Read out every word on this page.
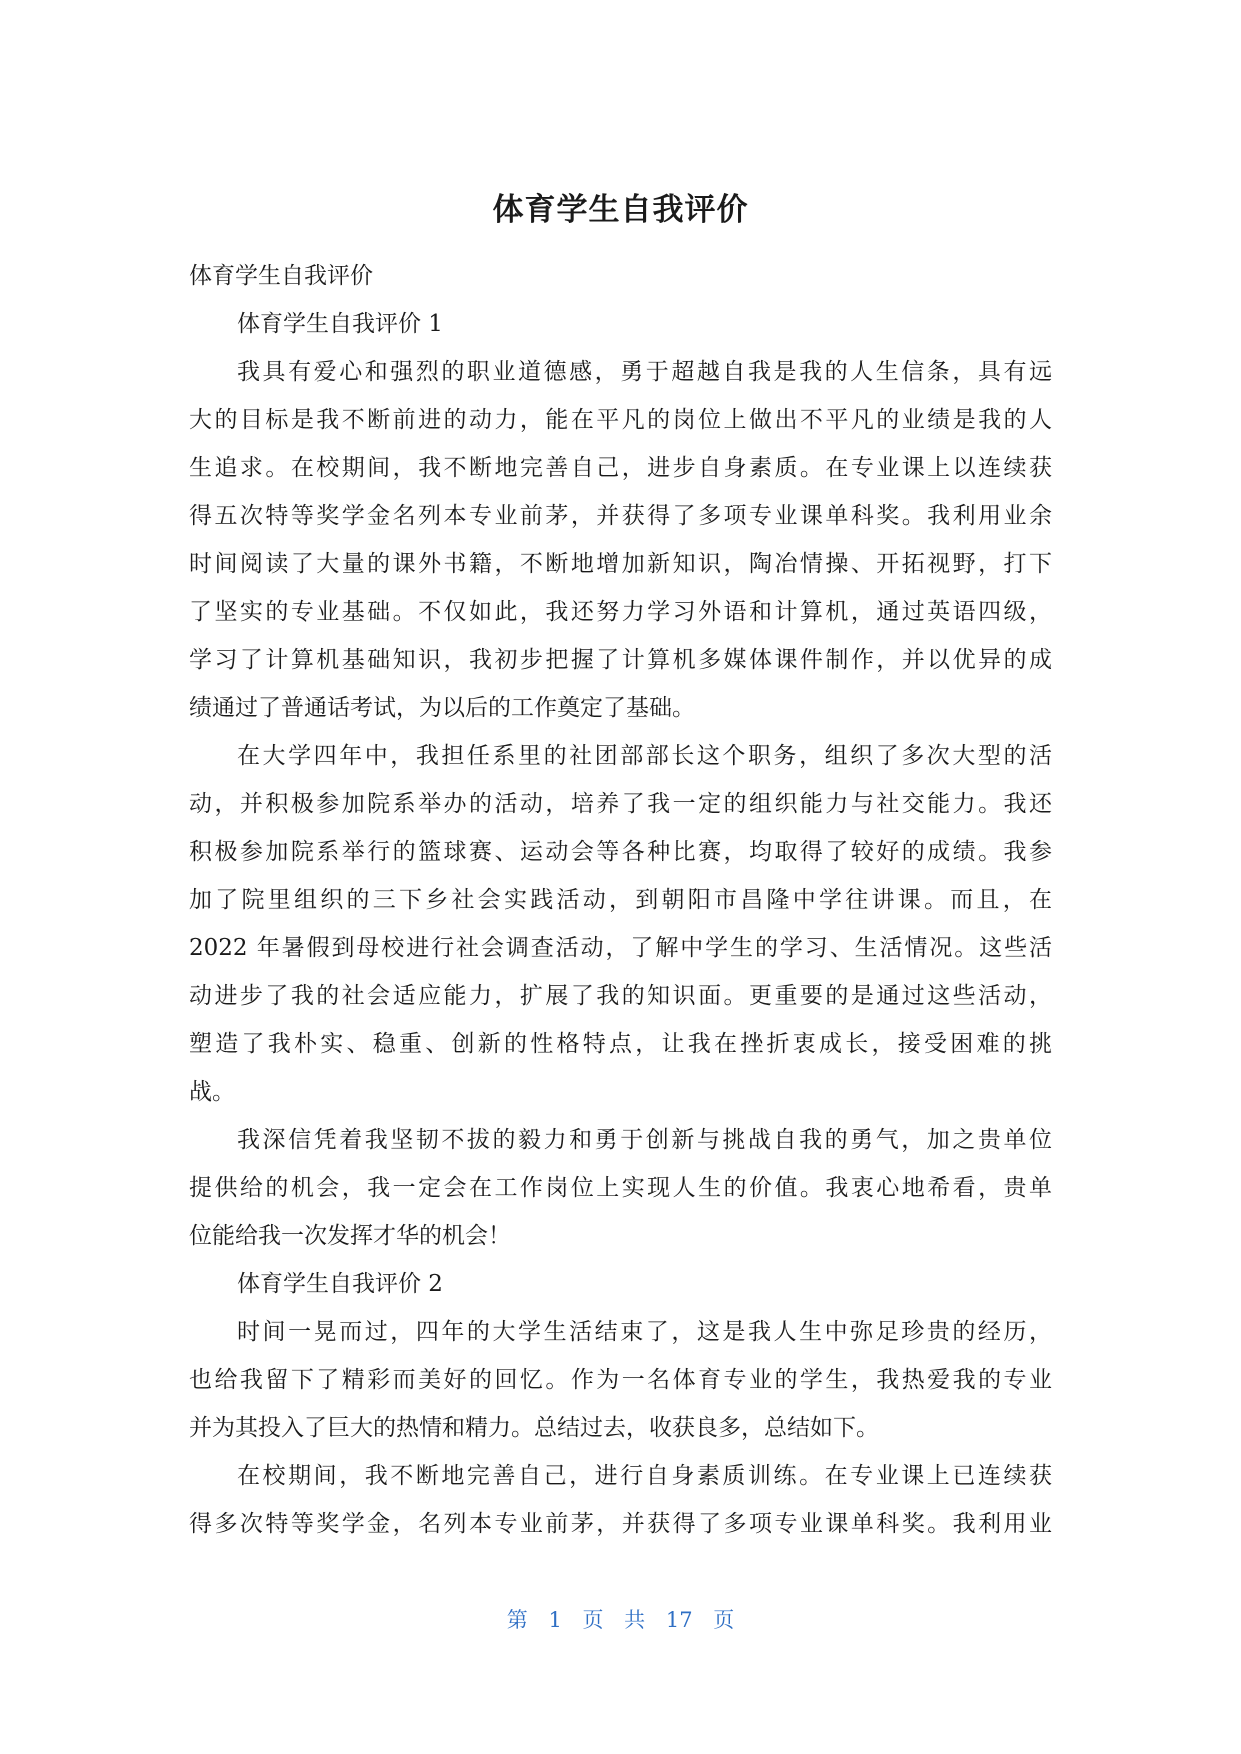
体育学生自我评价

体育学生自我评价

体育学生自我评价 1

我具有爱心和强烈的职业道德感，勇于超越自我是我的人生信条，具有远

大的目标是我不断前进的动力，能在平凡的岗位上做出不平凡的业绩是我的人

生追求。在校期间，我不断地完善自己，进步自身素质。在专业课上以连续获

得五次特等奖学金名列本专业前茅，并获得了多项专业课单科奖。我利用业余

时间阅读了大量的课外书籍，不断地增加新知识，陶冶情操、开拓视野，打下

了坚实的专业基础。不仅如此，我还努力学习外语和计算机，通过英语四级，

学习了计算机基础知识，我初步把握了计算机多媒体课件制作，并以优异的成

绩通过了普通话考试，为以后的工作奠定了基础。

在大学四年中，我担任系里的社团部部长这个职务，组织了多次大型的活

动，并积极参加院系举办的活动，培养了我一定的组织能力与社交能力。我还

积极参加院系举行的篮球赛、运动会等各种比赛，均取得了较好的成绩。我参

加了院里组织的三下乡社会实践活动，到朝阳市昌隆中学往讲课。而且，在

2022 年暑假到母校进行社会调查活动，了解中学生的学习、生活情况。这些活

动进步了我的社会适应能力，扩展了我的知识面。更重要的是通过这些活动，

塑造了我朴实、稳重、创新的性格特点，让我在挫折衷成长，接受困难的挑

战。

我深信凭着我坚韧不拔的毅力和勇于创新与挑战自我的勇气，加之贵单位

提供给的机会，我一定会在工作岗位上实现人生的价值。我衷心地希看，贵单

位能给我一次发挥才华的机会！

体育学生自我评价 2

时间一晃而过，四年的大学生活结束了，这是我人生中弥足珍贵的经历，

也给我留下了精彩而美好的回忆。作为一名体育专业的学生，我热爱我的专业

并为其投入了巨大的热情和精力。总结过去，收获良多，总结如下。

在校期间，我不断地完善自己，进行自身素质训练。在专业课上已连续获

得多次特等奖学金，名列本专业前茅，并获得了多项专业课单科奖。我利用业

第 1 页 共 17 页
